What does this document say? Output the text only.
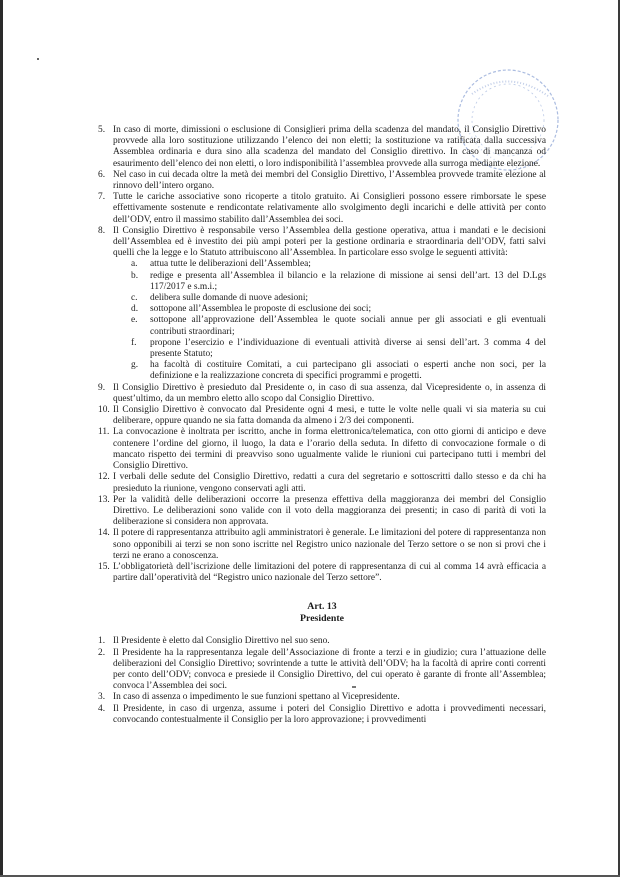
5. In caso di morte, dimissioni o esclusione di Consiglieri prima della scadenza del mandato, il Consiglio Direttivo provvede alla loro sostituzione utilizzando l’elenco dei non eletti; la sostituzione va ratificata dalla successiva Assemblea ordinaria e dura sino alla scadenza del mandato del Consiglio direttivo. In caso di mancanza od esaurimento dell’elenco dei non eletti, o loro indisponibilità l’assemblea provvede alla surroga mediante elezione.
6. Nel caso in cui decada oltre la metà dei membri del Consiglio Direttivo, l’Assemblea provvede tramite elezione al rinnovo dell’intero organo.
7. Tutte le cariche associative sono ricoperte a titolo gratuito. Ai Consiglieri possono essere rimborsate le spese effettivamente sostenute e rendicontate relativamente allo svolgimento degli incarichi e delle attività per conto dell’ODV, entro il massimo stabilito dall’Assemblea dei soci.
8. Il Consiglio Direttivo è responsabile verso l’Assemblea della gestione operativa, attua i mandati e le decisioni dell’Assemblea ed è investito dei più ampi poteri per la gestione ordinaria e straordinaria dell’ODV, fatti salvi quelli che la legge e lo Statuto attribuiscono all’Assemblea. In particolare esso svolge le seguenti attività:
a. attua tutte le deliberazioni dell’Assemblea;
b. redige e presenta all’Assemblea il bilancio e la relazione di missione ai sensi dell’art. 13 del D.Lgs 117/2017 e s.m.i.;
c. delibera sulle domande di nuove adesioni;
d. sottopone all’Assemblea le proposte di esclusione dei soci;
e. sottopone all’approvazione dell’Assemblea le quote sociali annue per gli associati e gli eventuali contributi straordinari;
f. propone l’esercizio e l’individuazione di eventuali attività diverse ai sensi dell’art. 3 comma 4 del presente Statuto;
g. ha facoltà di costituire Comitati, a cui partecipano gli associati o esperti anche non soci, per la definizione e la realizzazione concreta di specifici programmi e progetti.
9. Il Consiglio Direttivo è presieduto dal Presidente o, in caso di sua assenza, dal Vicepresidente o, in assenza di quest’ultimo, da un membro eletto allo scopo dal Consiglio Direttivo.
10. Il Consiglio Direttivo è convocato dal Presidente ogni 4 mesi, e tutte le volte nelle quali vi sia materia su cui deliberare, oppure quando ne sia fatta domanda da almeno i 2/3 dei componenti.
11. La convocazione è inoltrata per iscritto, anche in forma elettronica/telematica, con otto giorni di anticipo e deve contenere l’ordine del giorno, il luogo, la data e l’orario della seduta. In difetto di convocazione formale o di mancato rispetto dei termini di preavviso sono ugualmente valide le riunioni cui partecipano tutti i membri del Consiglio Direttivo.
12. I verbali delle sedute del Consiglio Direttivo, redatti a cura del segretario e sottoscritti dallo stesso e da chi ha presieduto la riunione, vengono conservati agli atti.
13. Per la validità delle deliberazioni occorre la presenza effettiva della maggioranza dei membri del Consiglio Direttivo. Le deliberazioni sono valide con il voto della maggioranza dei presenti; in caso di parità di voti la deliberazione si considera non approvata.
14. Il potere di rappresentanza attribuito agli amministratori è generale. Le limitazioni del potere di rappresentanza non sono opponibili ai terzi se non sono iscritte nel Registro unico nazionale del Terzo settore o se non si provi che i terzi ne erano a conoscenza.
15. L’obbligatorietà dell’iscrizione delle limitazioni del potere di rappresentanza di cui al comma 14 avrà efficacia a partire dall’operatività del “Registro unico nazionale del Terzo settore”.
Art. 13
Presidente
1. Il Presidente è eletto dal Consiglio Direttivo nel suo seno.
2. Il Presidente ha la rappresentanza legale dell’Associazione di fronte a terzi e in giudizio; cura l’attuazione delle deliberazioni del Consiglio Direttivo; sovrintende a tutte le attività dell’ODV; ha la facoltà di aprire conti correnti per conto dell’ODV; convoca e presiede il Consiglio Direttivo, del cui operato è garante di fronte all’Assemblea; convoca l’Assemblea dei soci.
3. In caso di assenza o impedimento le sue funzioni spettano al Vicepresidente.
4. Il Presidente, in caso di urgenza, assume i poteri del Consiglio Direttivo e adotta i provvedimenti necessari, convocando contestualmente il Consiglio per la loro approvazione; i provvedimenti
